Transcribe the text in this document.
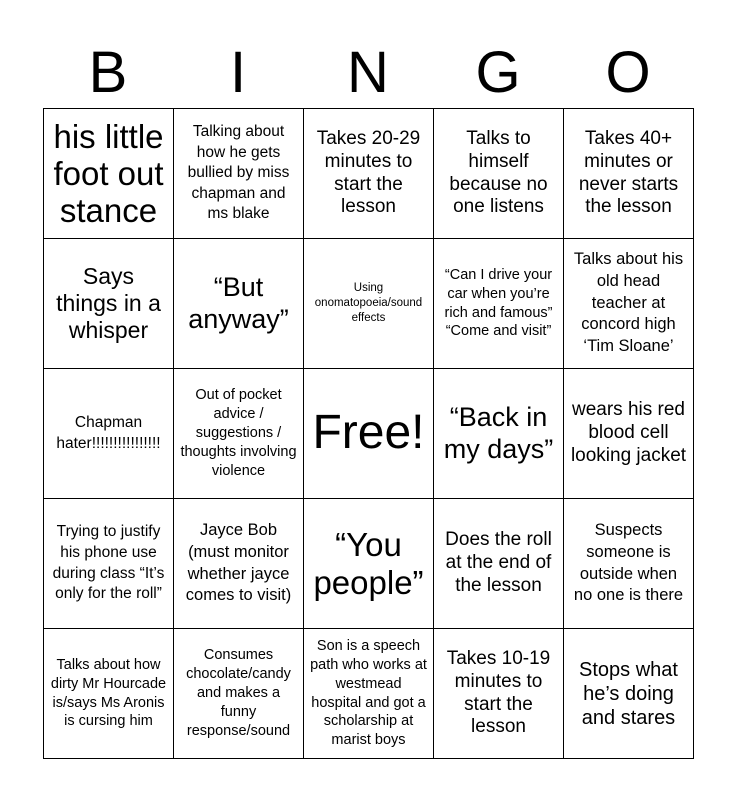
B	I	N	G	O
his little foot out stance	Talking about how he gets bullied by miss chapman and ms blake	Takes 20-29 minutes to start the lesson	Talks to himself because no one listens	Takes 40+ minutes or never starts the lesson
Says things in a whisper	“But anyway”	Using onomatopoeia/sound effects	“Can I drive your car when you’re rich and famous” “Come and visit”	Talks about his old head teacher at concord high ‘Tim Sloane’
Chapman hater!!!!!!!!!!!!!!!!	Out of pocket advice / suggestions / thoughts involving violence	Free!	“Back in my days”	wears his red blood cell looking jacket
Trying to justify his phone use during class “It’s only for the roll”	Jayce Bob (must monitor whether jayce comes to visit)	“You people”	Does the roll at the end of the lesson	Suspects someone is outside when no one is there
Talks about how dirty Mr Hourcade is/says Ms Aronis is cursing him	Consumes chocolate/candy and makes a funny response/sound	Son is a speech path who works at westmead hospital and got a scholarship at marist boys	Takes 10-19 minutes to start the lesson	Stops what he’s doing and stares
